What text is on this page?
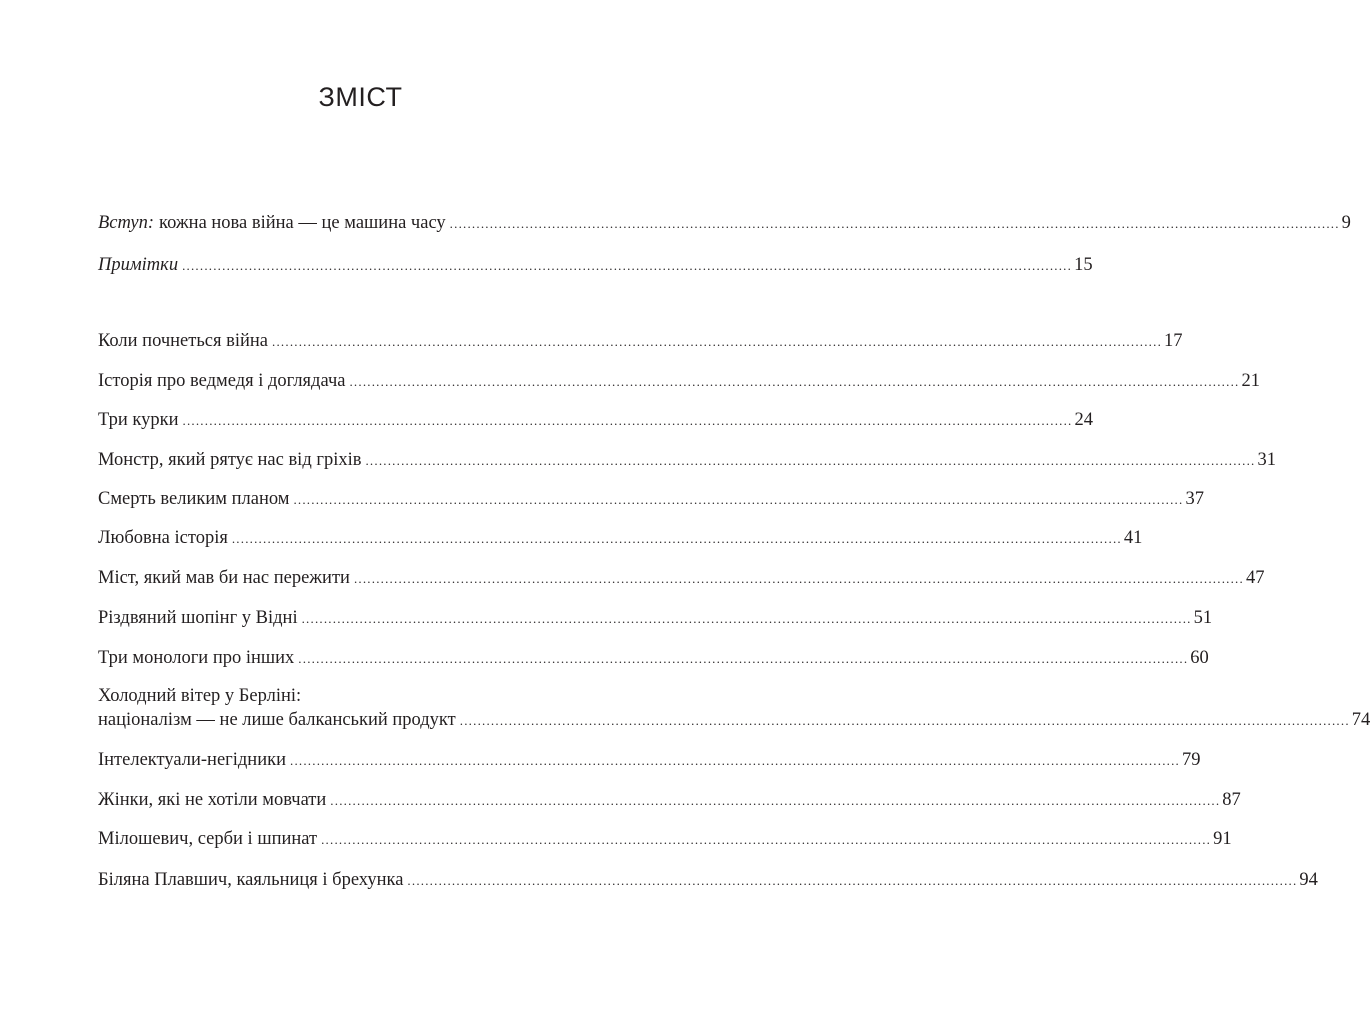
ЗМІСТ
Вступ: кожна нова війна — це машина часу ........................................................................................................................................................................................................ 9
Примітки ........................................................................................................................................................................................................ 15
Коли почнеться війна ........................................................................................................................................................................................................ 17
Історія про ведмедя і доглядача ........................................................................................................................................................................................................ 21
Три курки ........................................................................................................................................................................................................ 24
Монстр, який рятує нас від гріхів ........................................................................................................................................................................................................ 31
Смерть великим планом ........................................................................................................................................................................................................ 37
Любовна історія ........................................................................................................................................................................................................ 41
Міст, який мав би нас пережити ........................................................................................................................................................................................................ 47
Різдвяний шопінг у Відні ........................................................................................................................................................................................................ 51
Три монологи про інших ........................................................................................................................................................................................................ 60
Холодний вітер у Берліні:
націоналізм — не лише балканський продукт ........................................................................................................................................................................................................ 74
Інтелектуали-негідники ........................................................................................................................................................................................................ 79
Жінки, які не хотіли мовчати ........................................................................................................................................................................................................ 87
Мілошевич, серби і шпинат ........................................................................................................................................................................................................ 91
Біляна Плавшич, каяльниця і брехунка ........................................................................................................................................................................................................ 94
